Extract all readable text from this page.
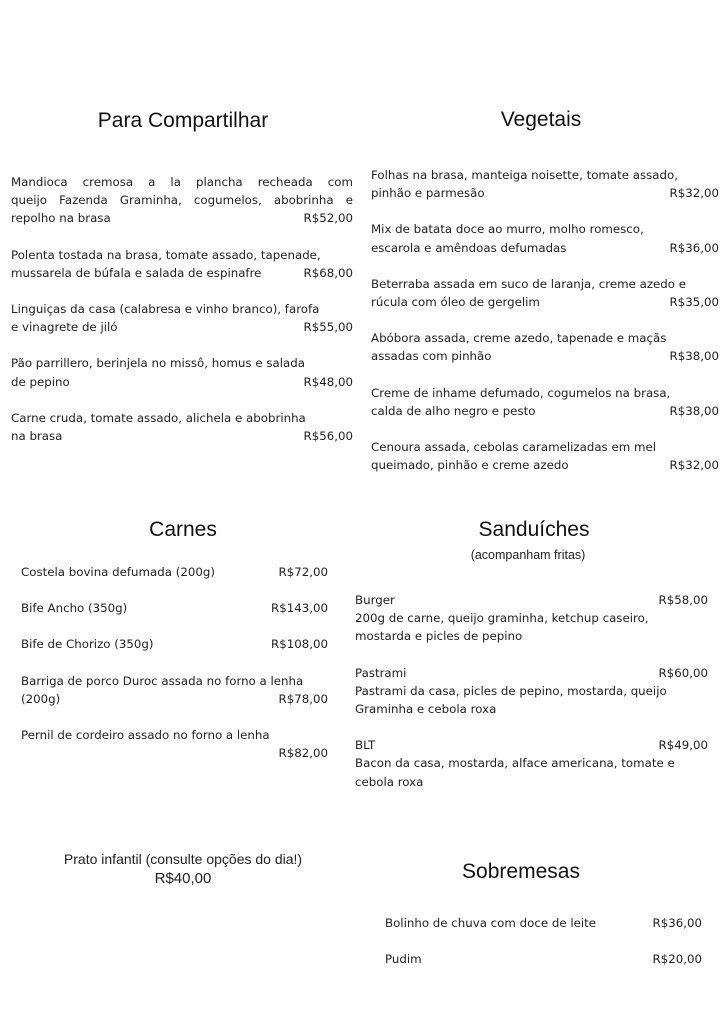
Para Compartilhar
Mandioca cremosa a la plancha recheada com
queijo Fazenda Graminha, cogumelos, abobrinha e
repolho na brasa	R$52,00
Polenta tostada na brasa, tomate assado, tapenade,
mussarela de búfala e salada de espinafre	R$68,00
Linguiças da casa (calabresa e vinho branco), farofa
e vinagrete de jiló	R$55,00
Pão parrillero, berinjela no missô, homus e salada
de pepino	R$48,00
Carne cruda, tomate assado, alichela e abobrinha
na brasa	R$56,00
Vegetais
Folhas na brasa, manteiga noisette, tomate assado,
pinhão e parmesão	R$32,00
Mix de batata doce ao murro, molho romesco,
escarola e amêndoas defumadas	R$36,00
Beterraba assada em suco de laranja, creme azedo e
rúcula com óleo de gergelim	R$35,00
Abóbora assada, creme azedo, tapenade e maçãs
assadas com pinhão	R$38,00
Creme de inhame defumado, cogumelos na brasa,
calda de alho negro e pesto	R$38,00
Cenoura assada, cebolas caramelizadas em mel
queimado, pinhão e creme azedo	R$32,00
Carnes
Costela bovina defumada (200g)	R$72,00
Bife Ancho (350g)	R$143,00
Bife de Chorizo (350g)	R$108,00
Barriga de porco Duroc assada no forno a lenha
(200g)	R$78,00
Pernil de cordeiro assado no forno a lenha
R$82,00
Sanduíches
(acompanham fritas)
Burger	R$58,00
200g de carne, queijo graminha, ketchup caseiro,
mostarda e picles de pepino
Pastrami	R$60,00
Pastrami da casa, picles de pepino, mostarda, queijo
Graminha e cebola roxa
BLT	R$49,00
Bacon da casa, mostarda, alface americana, tomate e
cebola roxa
Prato infantil (consulte opções do dia!)
R$40,00	Sobremesas
Bolinho de chuva com doce de leite	R$36,00
Pudim	R$20,00
